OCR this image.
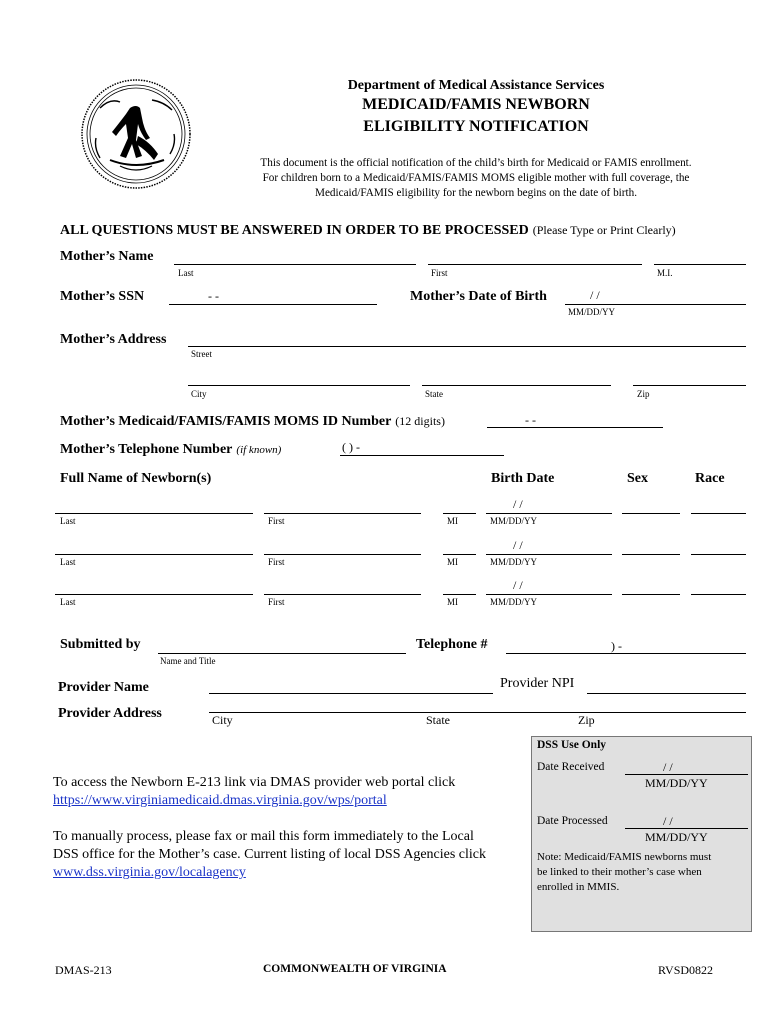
Department of Medical Assistance Services
MEDICAID/FAMIS NEWBORN
ELIGIBILITY NOTIFICATION
This document is the official notification of the child’s birth for Medicaid or FAMIS enrollment.
For children born to a Medicaid/FAMIS/FAMIS MOMS eligible mother with full coverage, the
Medicaid/FAMIS eligibility for the newborn begins on the date of birth.
ALL QUESTIONS MUST BE ANSWERED IN ORDER TO BE PROCESSED (Please Type or Print Clearly)
Mother’s Name
Last	First	M.I.
Mother’s SSN	- -	Mother’s Date of Birth	/ /
MM/DD/YY
Mother’s Address
Street
City	State	Zip
Mother’s Medicaid/FAMIS/FAMIS MOMS ID Number (12 digits)	- -
Mother’s Telephone Number (if known)	( ) -
Full Name of Newborn(s)	Birth Date	Sex	Race
/ /
Last	First	MI	MM/DD/YY
/ /
Last	First	MI	MM/DD/YY
/ /
Last	First	MI	MM/DD/YY
Submitted by
Name and Title
Telephone #	) -
Provider Name	Provider NPI
Provider Address	City	State	Zip
To access the Newborn E-213 link via DMAS provider web portal click
https://www.virginiamedicaid.dmas.virginia.gov/wps/portal
To manually process, please fax or mail this form immediately to the Local
DSS office for the Mother’s case. Current listing of local DSS Agencies click
www.dss.virginia.gov/localagency
DSS Use Only
Date Received	/ /
MM/DD/YY
Date Processed	/ /
MM/DD/YY
Note: Medicaid/FAMIS newborns must
be linked to their mother’s case when
enrolled in MMIS.
DMAS-213	COMMONWEALTH OF VIRGINIA	RVSD0822
